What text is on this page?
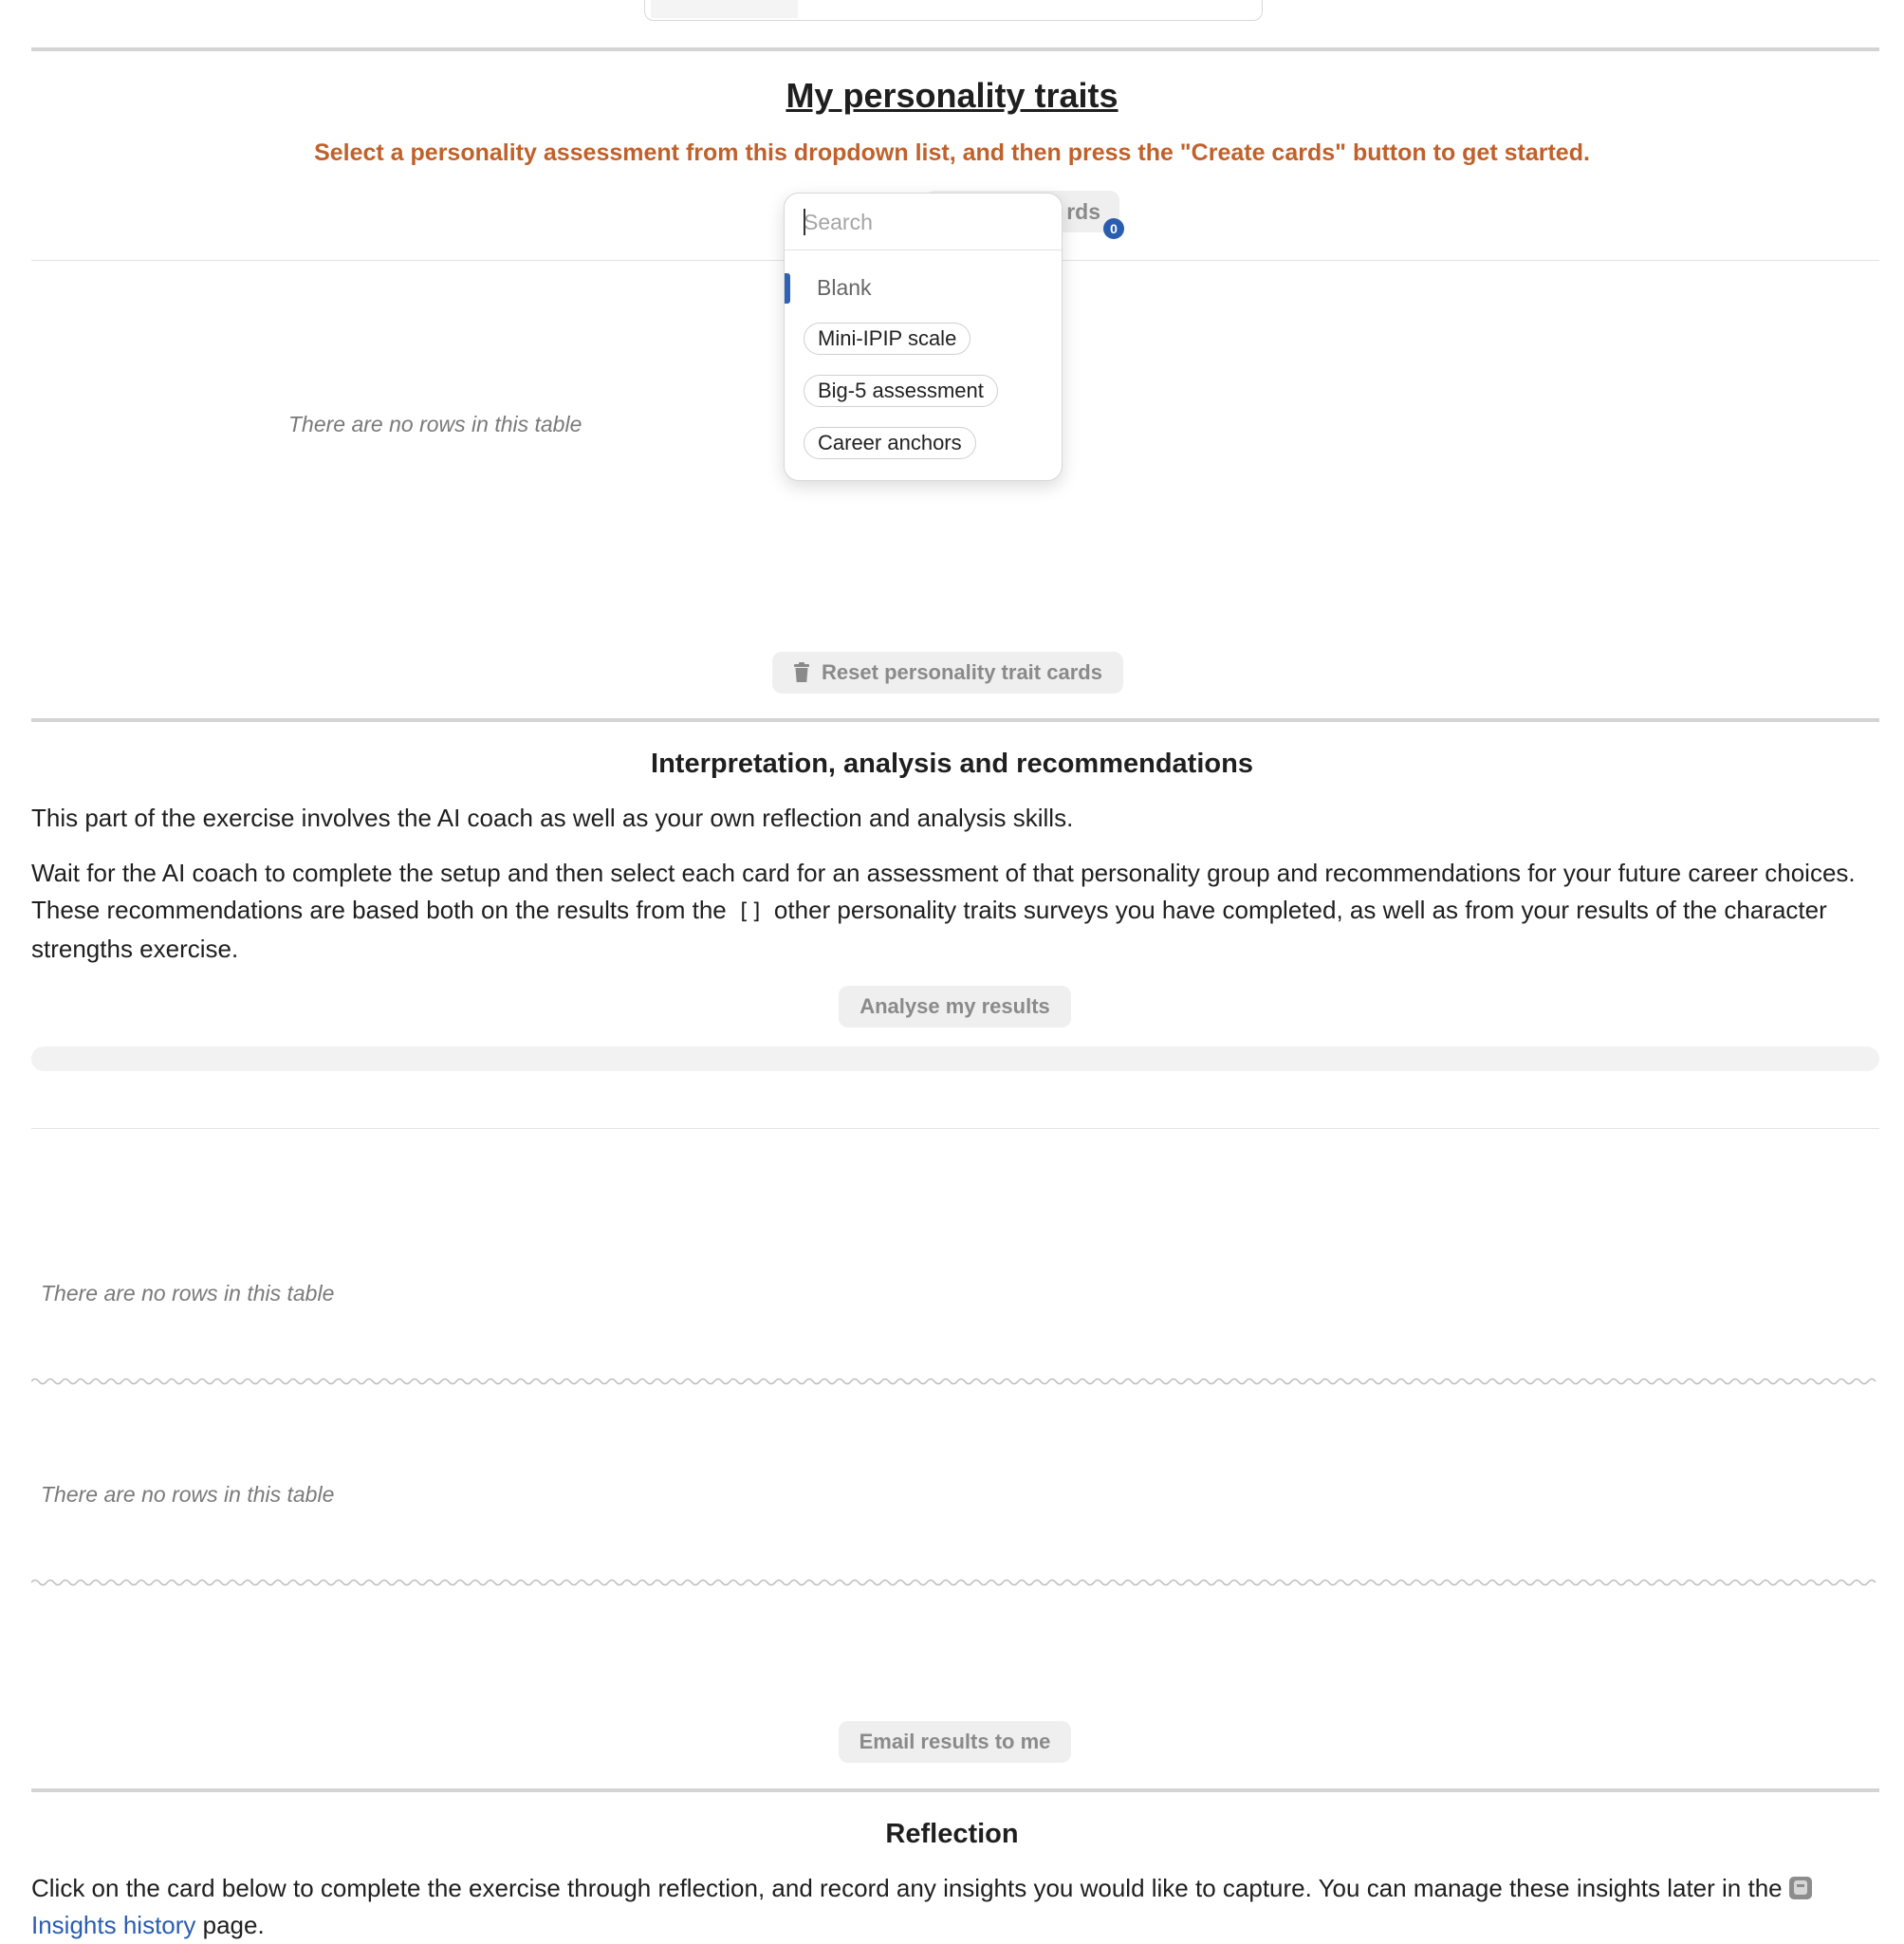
My personality traits
Select a personality assessment from this dropdown list, and then press the "Create cards" button to get started.
rds
0
There are no rows in this table
Search
Blank
Mini-IPIP scale
Big-5 assessment
Career anchors
Reset personality trait cards
Interpretation, analysis and recommendations
This part of the exercise involves the AI coach as well as your own reflection and analysis skills.
Wait for the AI coach to complete the setup and then select each card for an assessment of that personality group and recommendations for your future career choices. These recommendations are based both on the results from the [] other personality traits surveys you have completed, as well as from your results of the character strengths exercise.
Analyse my results
There are no rows in this table
There are no rows in this table
Email results to me
Reflection
Click on the card below to complete the exercise through reflection, and record any insights you would like to capture. You can manage these insights later in the
Insights history page.
